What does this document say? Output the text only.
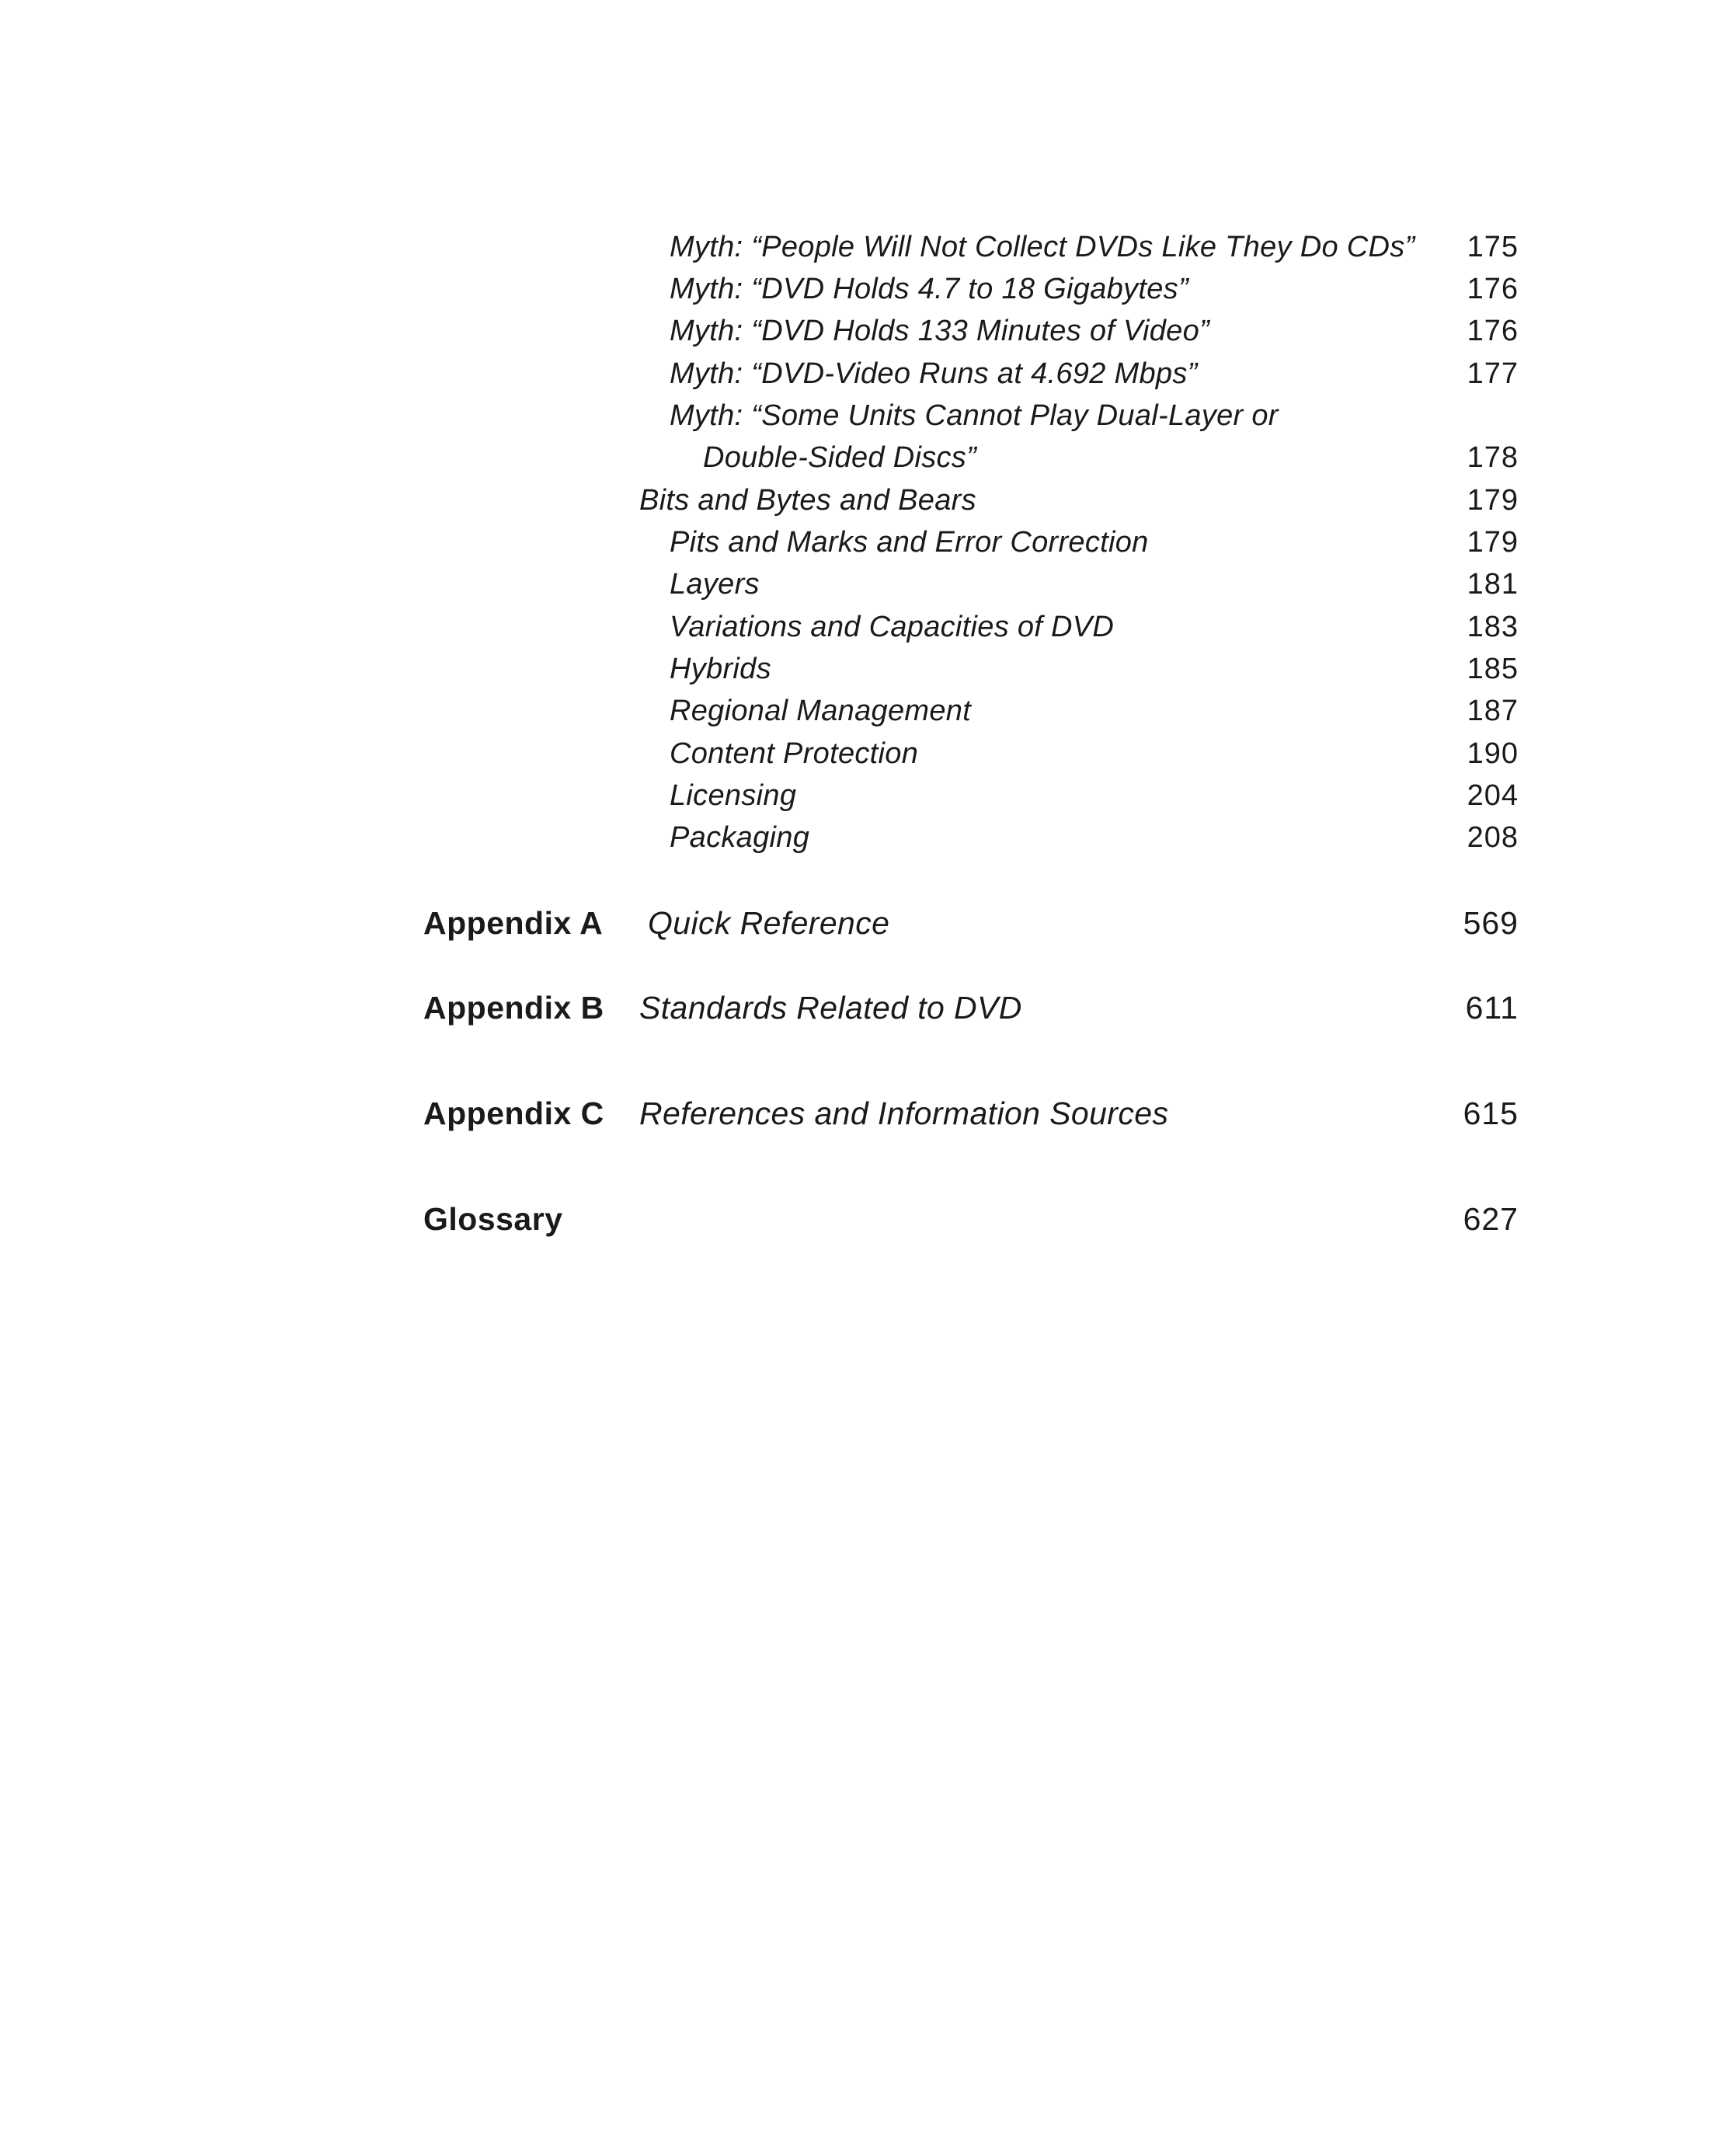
Myth: “People Will Not Collect DVDs Like They Do CDs” 175
Myth: “DVD Holds 4.7 to 18 Gigabytes”	176
Myth: “DVD Holds 133 Minutes of Video”	176
Myth: “DVD-Video Runs at 4.692 Mbps”	177
Myth: “Some Units Cannot Play Dual-Layer or
Double-Sided Discs”	178
Bits and Bytes and Bears	179
Pits and Marks and Error Correction	179
Layers	181
Variations and Capacities of DVD	183
Hybrids	185
Regional Management	187
Content Protection	190
Licensing	204
Packaging	208
Appendix A Quick Reference	569
Appendix B Standards Related to DVD	611
Appendix C References and Information Sources	615
Glossary	627
